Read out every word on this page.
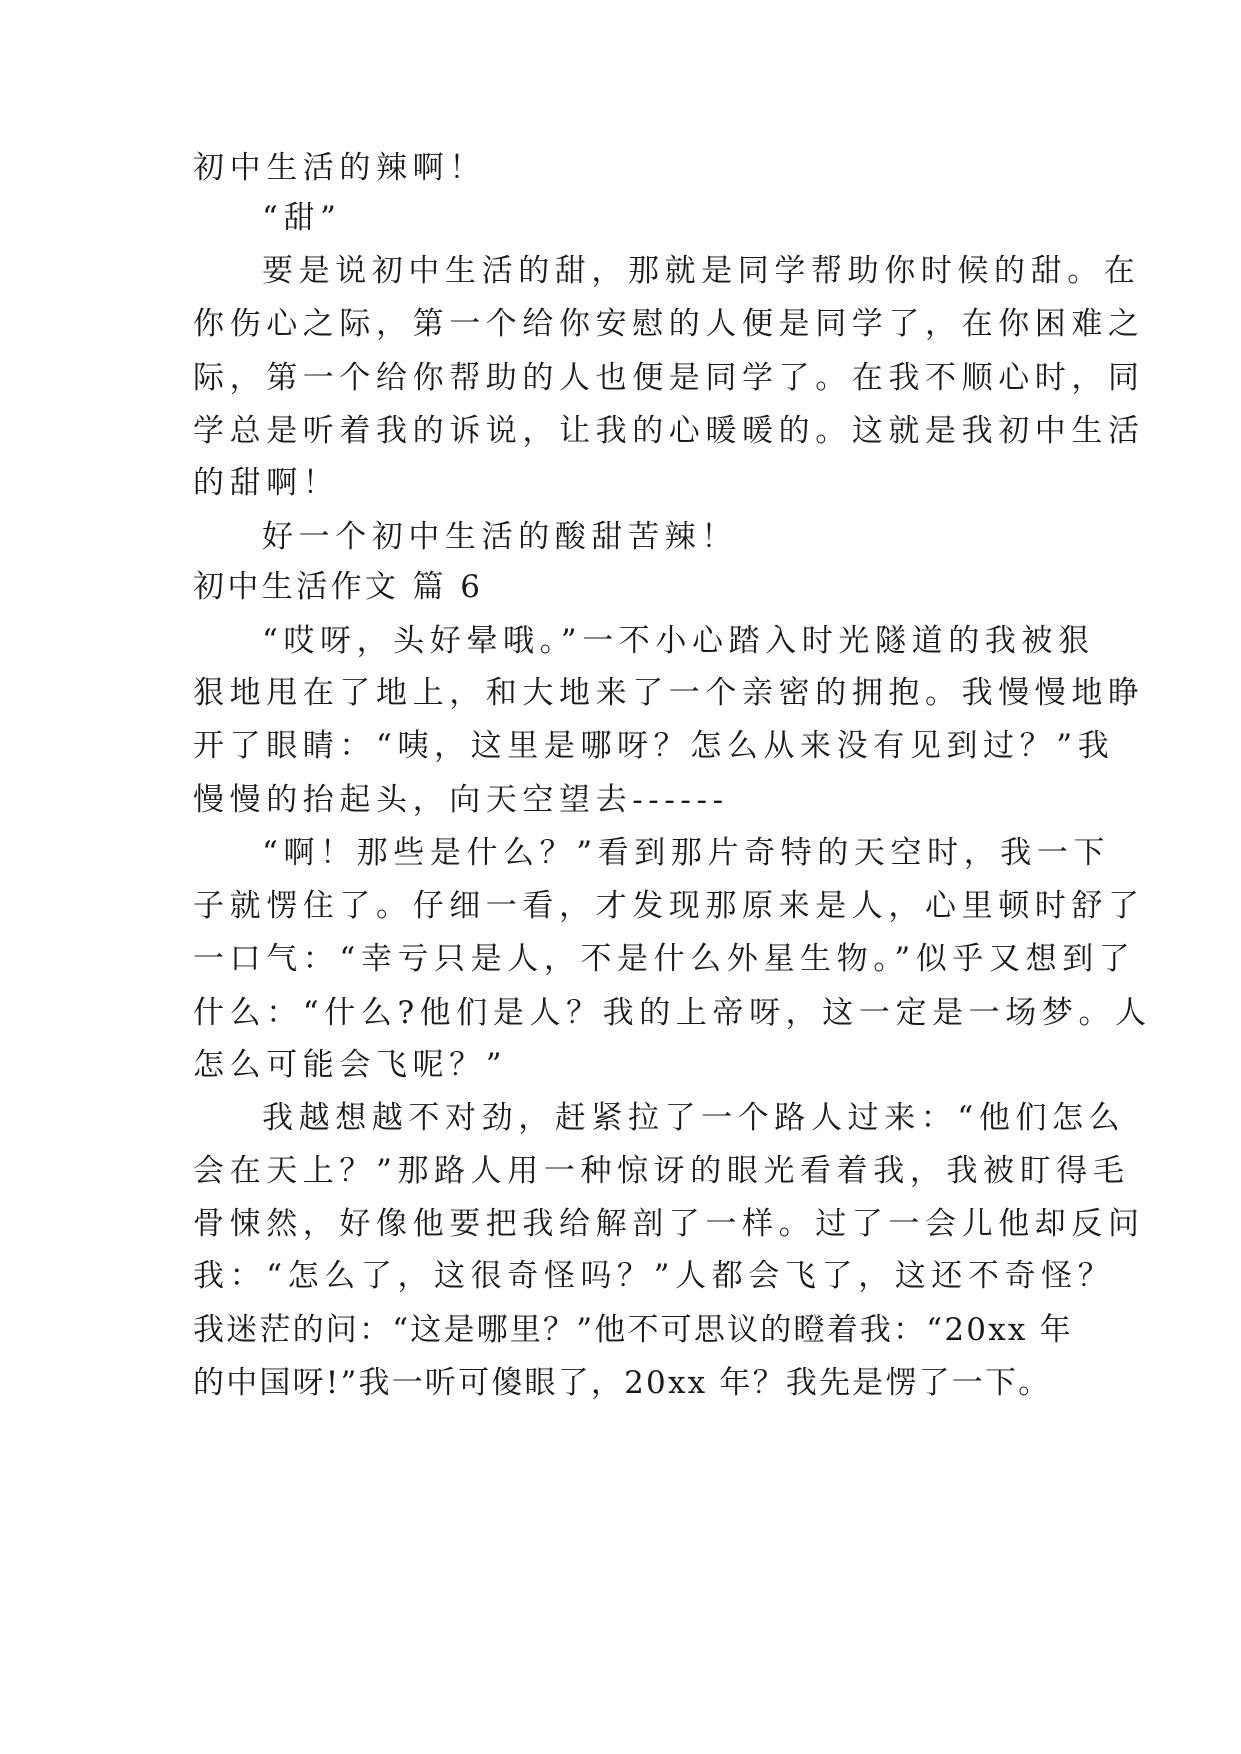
初中生活的辣啊！
“甜”
要是说初中生活的甜，那就是同学帮助你时候的甜。在
你伤心之际，第一个给你安慰的人便是同学了，在你困难之
际，第一个给你帮助的人也便是同学了。在我不顺心时，同
学总是听着我的诉说，让我的心暖暖的。这就是我初中生活
的甜啊！
好一个初中生活的酸甜苦辣！
初中生活作文 篇 6
“哎呀，头好晕哦。”一不小心踏入时光隧道的我被狠
狠地甩在了地上，和大地来了一个亲密的拥抱。我慢慢地睁
开了眼睛：“咦，这里是哪呀？怎么从来没有见到过？”我
慢慢的抬起头，向天空望去------
“啊！那些是什么？”看到那片奇特的天空时，我一下
子就愣住了。仔细一看，才发现那原来是人，心里顿时舒了
一口气：“幸亏只是人，不是什么外星生物。”似乎又想到了
什么：“什么?他们是人？我的上帝呀，这一定是一场梦。人
怎么可能会飞呢？”
我越想越不对劲，赶紧拉了一个路人过来：“他们怎么
会在天上？”那路人用一种惊讶的眼光看着我，我被盯得毛
骨悚然，好像他要把我给解剖了一样。过了一会儿他却反问
我：“怎么了，这很奇怪吗？”人都会飞了，这还不奇怪？
我迷茫的问：“这是哪里？”他不可思议的瞪着我：“20xx 年
的中国呀!”我一听可傻眼了，20xx 年？我先是愣了一下。
